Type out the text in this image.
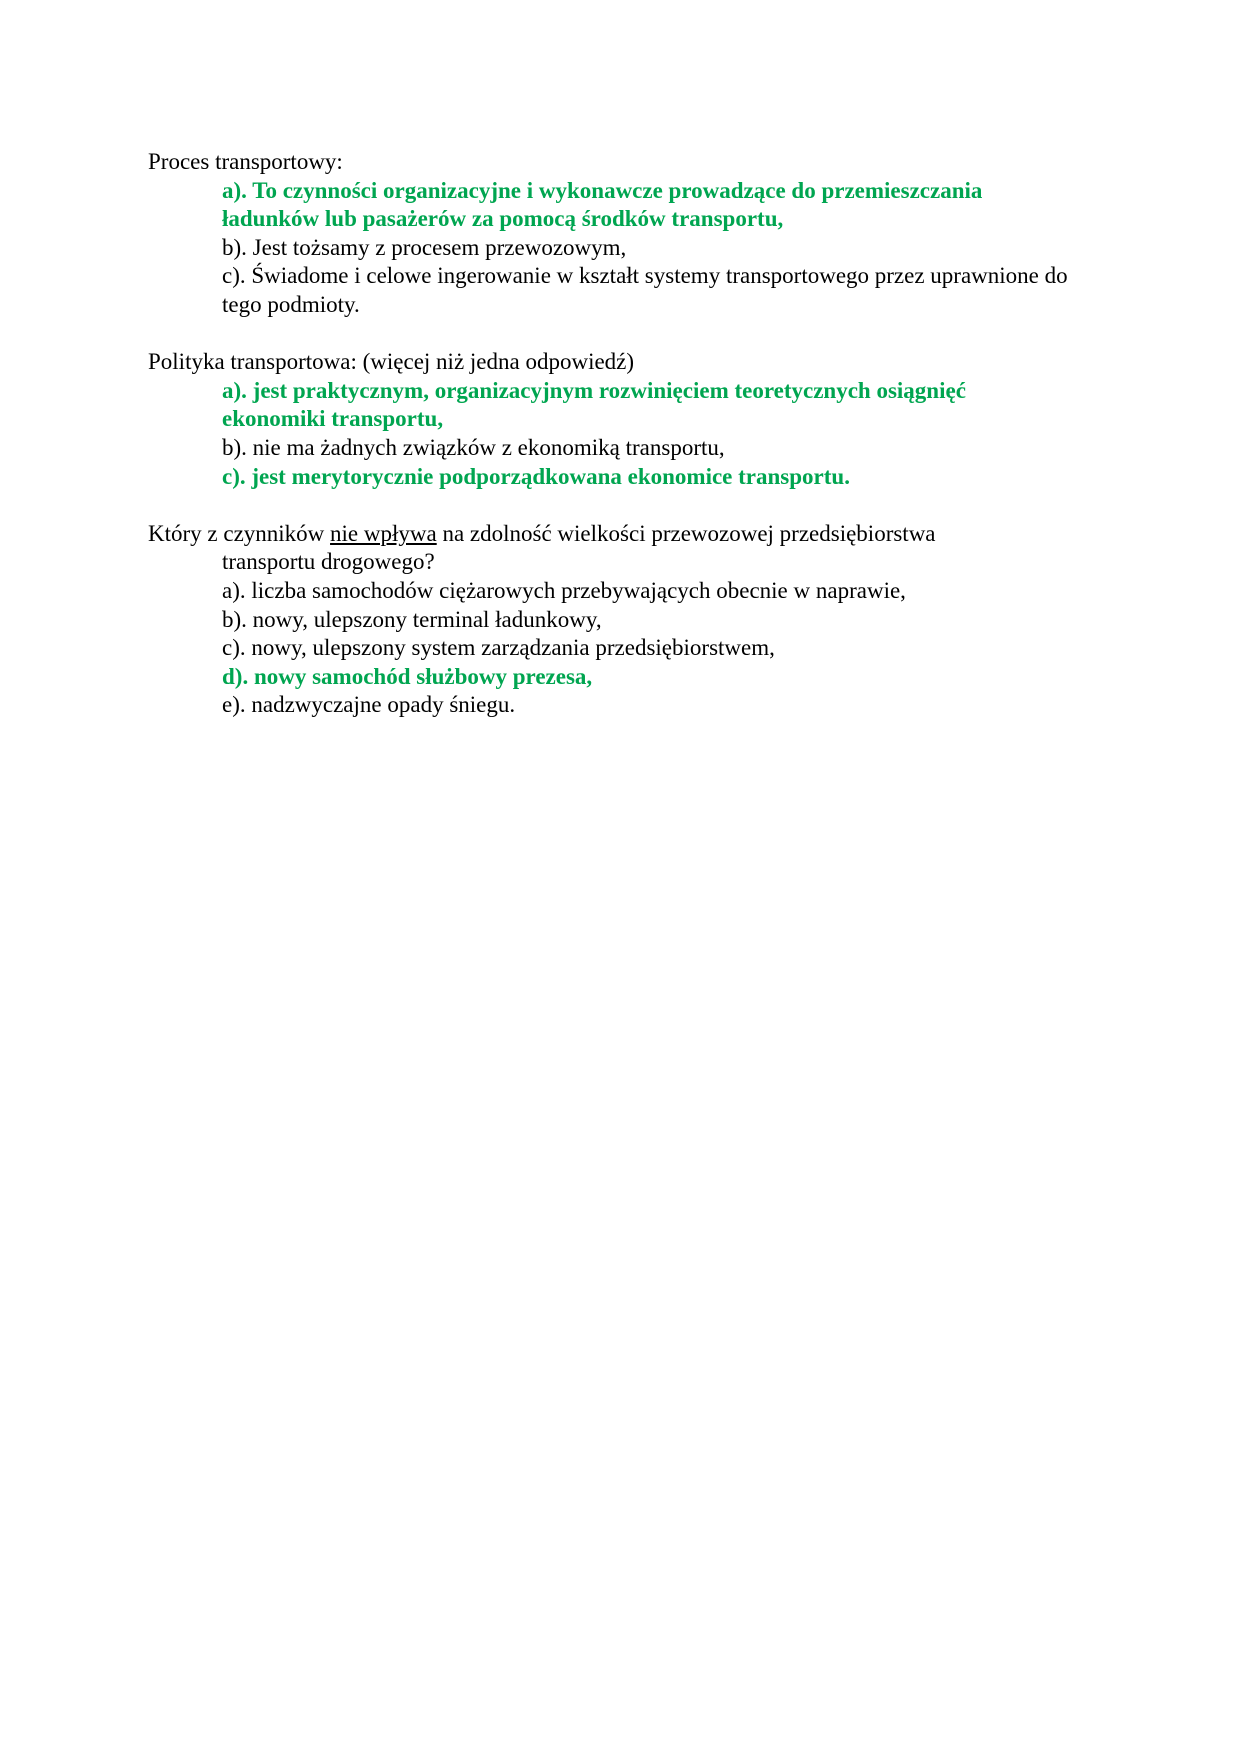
Proces transportowy:

a). To czynności organizacyjne i wykonawcze prowadzące do przemieszczania ładunków lub pasażerów za pomocą środków transportu,
b). Jest tożsamy z procesem przewozowym,
c). Świadome i celowe ingerowanie w kształt systemy transportowego przez uprawnione do tego podmioty.

Polityka transportowa: (więcej niż jedna odpowiedź)

a). jest praktycznym, organizacyjnym rozwinięciem teoretycznych osiągnięć ekonomiki transportu,
b). nie ma żadnych związków z ekonomiką transportu,
c). jest merytorycznie podporządkowana ekonomice transportu.

Który z czynników nie wpływa na zdolność wielkości przewozowej przedsiębiorstwa
transportu drogowego?

a). liczba samochodów ciężarowych przebywających obecnie w naprawie,
b). nowy, ulepszony terminal ładunkowy,
c). nowy, ulepszony system zarządzania przedsiębiorstwem,
d). nowy samochód służbowy prezesa,
e). nadzwyczajne opady śniegu.
